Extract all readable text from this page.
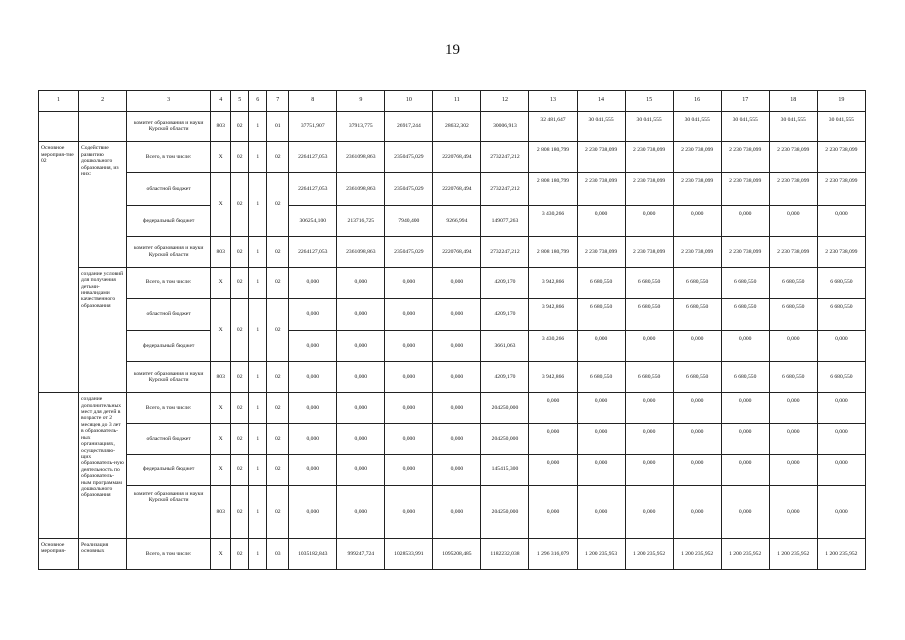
19
1	2	3	4	5	6	7	8	9	10	11	12	13	14	15	16	17	18	19
		комитет образования и науки Курской области	803	02	1	01	37751,907	37913,775	26917,244	28632,302	30006,913	32 481,647	30 041,555	30 041,555	30 041,555	30 041,555	30 041,555	30 041,555
Основное мероприя-тие 02	Содействие развитию дошкольного образования, из них:	Всего, в том числе:	X	02	1	02	2264127,053	2361098,863	2350475,029	2220768,494	2732247,212	2 808 180,799	2 230 738,099	2 230 738,099	2 230 738,099	2 230 738,099	2 230 738,099	2 230 738,099
		областной бюджет	X	02	1	02	2264127,053	2361098,863	2350475,029	2220768,494	2732247,212	2 808 180,799	2 230 738,099	2 230 738,099	2 230 738,099	2 230 738,099	2 230 738,099	2 230 738,099
		федеральный бюджет					306254,100	213716,725	7940,400	9266,994	149077,263	3 430,266	0,000	0,000	0,000	0,000	0,000	0,000
		комитет образования и науки Курской области	803	02	1	02	2264127,053	2361098,863	2350475,029	2220768,494	2732247,212	2 808 180,799	2 230 738,099	2 230 738,099	2 230 738,099	2 230 738,099	2 230 738,099	2 230 738,099
	создание условий для получения детьми-инвалидами качественного образования	Всего, в том числе:	X	02	1	02	0,000	0,000	0,000	0,000	4209,170	3 942,866	6 680,550	6 680,550	6 680,550	6 680,550	6 680,550	6 680,550
		областной бюджет	X	02	1	02	0,000	0,000	0,000	0,000	4209,170	3 942,866	6 680,550	6 680,550	6 680,550	6 680,550	6 680,550	6 680,550
		федеральный бюджет					0,000	0,000	0,000	0,000	3661,063	3 430,266	0,000	0,000	0,000	0,000	0,000	0,000
		комитет образования и науки Курской области	803	02	1	02	0,000	0,000	0,000	0,000	4209,170	3 942,866	6 680,550	6 680,550	6 680,550	6 680,550	6 680,550	6 680,550
	создание дополнительных мест для детей в возрасте от 2 месяцев до 3 лет в образователь-ных организациях, осуществляю-щих образователь-ную деятельность по образователь-ным программам дошкольного образования	Всего, в том числе:	X	02	1	02	0,000	0,000	0,000	0,000	204250,000	0,000	0,000	0,000	0,000	0,000	0,000	0,000
		областной бюджет	X	02	1	02	0,000	0,000	0,000	0,000	204250,000	0,000	0,000	0,000	0,000	0,000	0,000	0,000
		федеральный бюджет	X	02	1	02	0,000	0,000	0,000	0,000	145415,300	0,000	0,000	0,000	0,000	0,000	0,000	0,000
		комитет образования и науки Курской области	803	02	1	02	0,000	0,000	0,000	0,000	204250,000	0,000	0,000	0,000	0,000	0,000	0,000	0,000
Основное мероприя-	Реализация основных	Всего, в том числе:	X	02	1	03	1035182,843	999247,724	1028533,991	1095208,485	1182232,038	1 296 316,079	1 200 235,953	1 200 235,952	1 200 235,952	1 200 235,952	1 200 235,952	1 200 235,952
